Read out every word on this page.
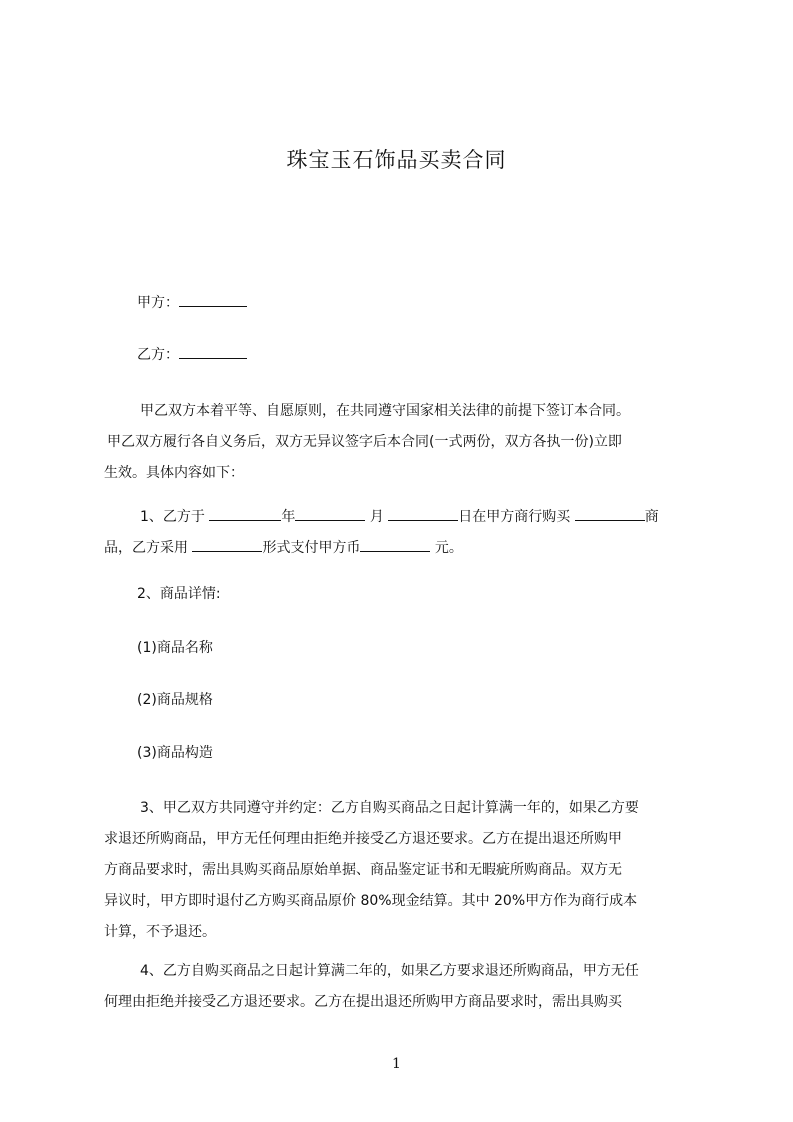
珠宝玉石饰品买卖合同
甲方：
乙方：
甲乙双方本着平等、自愿原则，在共同遵守国家相关法律的前提下签订本合同。
甲乙双方履行各自义务后，双方无异议签字后本合同(一式两份，双方各执一份)立即
生效。具体内容如下：
1、乙方于	年	月	日在甲方商行购买	商
品，乙方采用	形式支付甲方币	元。
2、商品详情:
(1)商品名称
(2)商品规格
(3)商品构造
3、甲乙双方共同遵守并约定：乙方自购买商品之日起计算满一年的，如果乙方要
求退还所购商品，甲方无任何理由拒绝并接受乙方退还要求。乙方在提出退还所购甲
方商品要求时，需出具购买商品原始单据、商品鉴定证书和无暇疵所购商品。双方无
异议时，甲方即时退付乙方购买商品原价 80%现金结算。其中 20%甲方作为商行成本
计算，不予退还。
4、乙方自购买商品之日起计算满二年的，如果乙方要求退还所购商品，甲方无任
何理由拒绝并接受乙方退还要求。乙方在提出退还所购甲方商品要求时，需出具购买
1
